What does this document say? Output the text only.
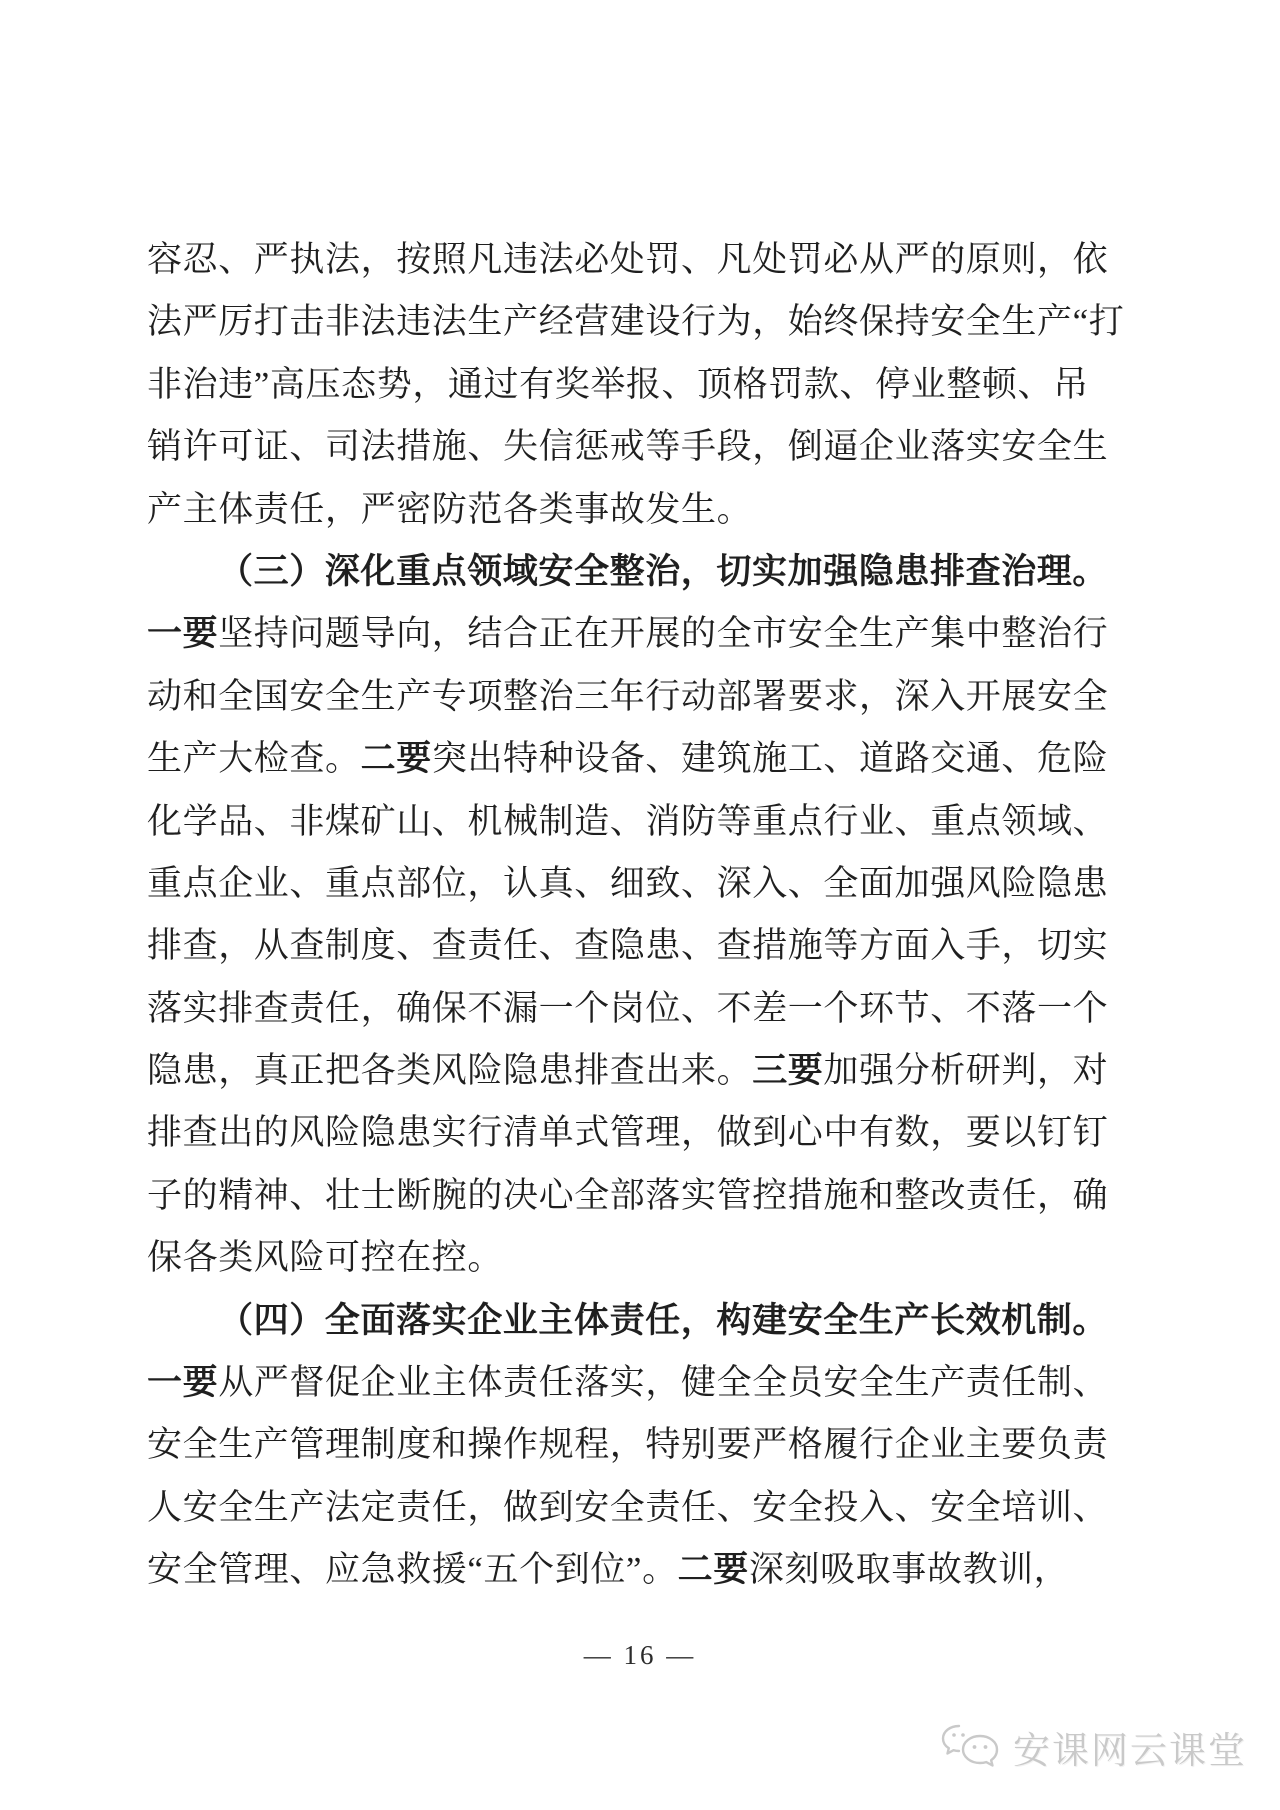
容忍、严执法，按照凡违法必处罚、凡处罚必从严的原则，依
法严厉打击非法违法生产经营建设行为，始终保持安全生产“打
非治违”高压态势，通过有奖举报、顶格罚款、停业整顿、吊
销许可证、司法措施、失信惩戒等手段，倒逼企业落实安全生
产主体责任，严密防范各类事故发生。
（三）深化重点领域安全整治，切实加强隐患排查治理。
一要坚持问题导向，结合正在开展的全市安全生产集中整治行
动和全国安全生产专项整治三年行动部署要求，深入开展安全
生产大检查。二要突出特种设备、建筑施工、道路交通、危险
化学品、非煤矿山、机械制造、消防等重点行业、重点领域、
重点企业、重点部位，认真、细致、深入、全面加强风险隐患
排查，从查制度、查责任、查隐患、查措施等方面入手，切实
落实排查责任，确保不漏一个岗位、不差一个环节、不落一个
隐患，真正把各类风险隐患排查出来。三要加强分析研判，对
排查出的风险隐患实行清单式管理，做到心中有数，要以钉钉
子的精神、壮士断腕的决心全部落实管控措施和整改责任，确
保各类风险可控在控。
（四）全面落实企业主体责任，构建安全生产长效机制。
一要从严督促企业主体责任落实，健全全员安全生产责任制、
安全生产管理制度和操作规程，特别要严格履行企业主要负责
人安全生产法定责任，做到安全责任、安全投入、安全培训、
安全管理、应急救援“五个到位”。二要深刻吸取事故教训，
— 16 —
安课网云课堂
